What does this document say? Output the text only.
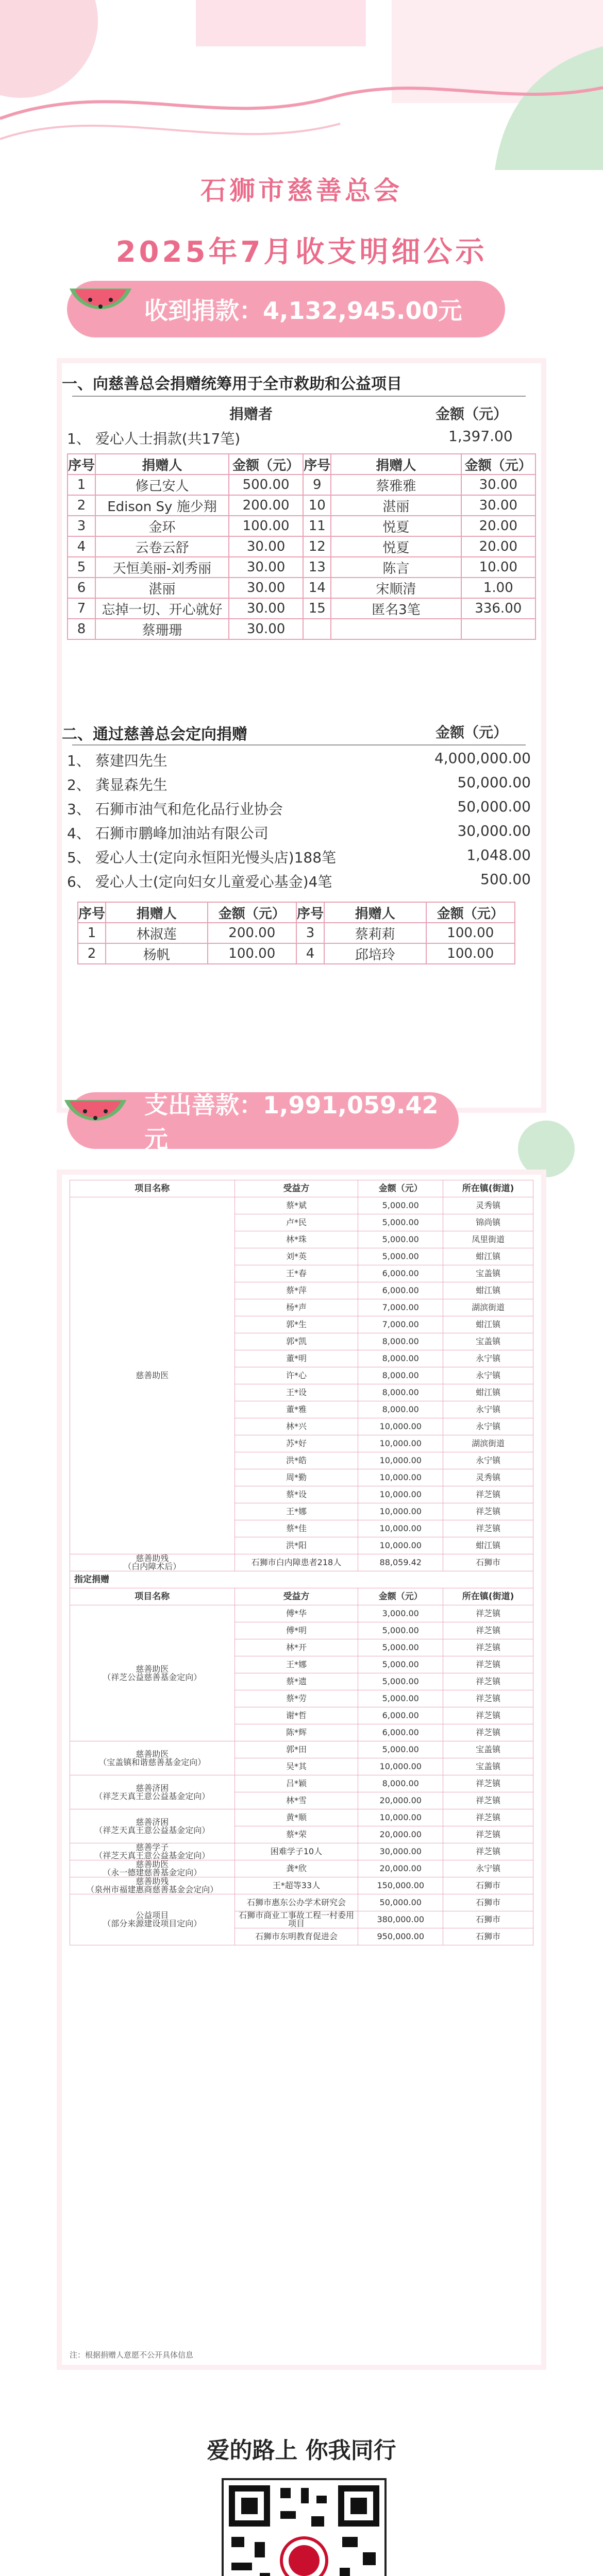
石狮市慈善总会
2025年7月收支明细公示
收到捐款：4,132,945.00元
一、向慈善总会捐赠统筹用于全市救助和公益项目
捐赠者	金额（元）
1、 爱心人士捐款(共17笔)	1,397.00
序号	捐赠人	金额（元）	序号	捐赠人	金额（元）
1	修己安人	500.00	9	蔡雅雅	30.00
2	Edison Sy 施少翔	200.00	10	湛丽	30.00
3	金环	100.00	11	悦夏	20.00
4	云卷云舒	30.00	12	悦夏	20.00
5	天恒美丽-刘秀丽	30.00	13	陈言	10.00
6	湛丽	30.00	14	宋顺清	1.00
7	忘掉一切、开心就好	30.00	15	匿名3笔	336.00
8	蔡珊珊	30.00			
二、通过慈善总会定向捐赠	金额（元）
1、 蔡建四先生	4,000,000.00
2、 龚显森先生	50,000.00
3、 石狮市油气和危化品行业协会	50,000.00
4、 石狮市鹏峰加油站有限公司	30,000.00
5、 爱心人士(定向永恒阳光慢头店)188笔	1,048.00
6、 爱心人士(定向妇女儿童爱心基金)4笔	500.00
序号	捐赠人	金额（元）	序号	捐赠人	金额（元）
1	林淑莲	200.00	3	蔡莉莉	100.00
2	杨帆	100.00	4	邱培玲	100.00
支出善款：1,991,059.42元
项目名称	受益方	金额（元）	所在镇(街道)
慈善助医	蔡*斌	5,000.00	灵秀镇
	卢*民	5,000.00	锦尚镇
	林*珠	5,000.00	凤里街道
	刘*英	5,000.00	蚶江镇
	王*春	6,000.00	宝盖镇
	蔡*萍	6,000.00	蚶江镇
	杨*声	7,000.00	湖滨街道
	郭*生	7,000.00	蚶江镇
	郭*凯	8,000.00	宝盖镇
	董*明	8,000.00	永宁镇
	许*心	8,000.00	永宁镇
	王*设	8,000.00	蚶江镇
	董*雅	8,000.00	永宁镇
	林*兴	10,000.00	永宁镇
	苏*好	10,000.00	湖滨街道
	洪*皓	10,000.00	永宁镇
	周*勤	10,000.00	灵秀镇
	蔡*设	10,000.00	祥芝镇
	王*娜	10,000.00	祥芝镇
	蔡*佳	10,000.00	祥芝镇
	洪*阳	10,000.00	蚶江镇
慈善助残
（白内障术后）	石狮市白内障患者218人	88,059.42	石狮市
指定捐赠			
项目名称	受益方	金额（元）	所在镇(街道)
慈善助医
（祥芝公益慈善基金定向）	傅*华	3,000.00	祥芝镇
	傅*明	5,000.00	祥芝镇
	林*开	5,000.00	祥芝镇
	王*娜	5,000.00	祥芝镇
	蔡*遗	5,000.00	祥芝镇
	蔡*劳	5,000.00	祥芝镇
	谢*哲	6,000.00	祥芝镇
	陈*辉	6,000.00	祥芝镇
慈善助医
（宝盖镇和谐慈善基金定向）	郭*田	5,000.00	宝盖镇
	吴*其	10,000.00	宝盖镇
慈善济困
（祥芝天真王意公益基金定向）	吕*颖	8,000.00	祥芝镇
	林*雪	20,000.00	祥芝镇
慈善济困
（祥芝天真王意公益基金定向）	黄*顺	10,000.00	祥芝镇
	蔡*荣	20,000.00	祥芝镇
慈善学子
（祥芝天真王意公益基金定向）	困难学子10人	30,000.00	祥芝镇
慈善助医
（永一德建慈善基金定向）	龚*欣	20,000.00	永宁镇
慈善助残
（泉州市福建惠商慈善基金会定向）	王*超等33人	150,000.00	石狮市
公益项目
（部分来源建设项目定向）	石狮市惠东公办学术研究会	50,000.00	石狮市
	石狮市商业工事故工程一村委用项目	380,000.00	石狮市
	石狮市东明教育促进会	950,000.00	石狮市
注：根据捐赠人意愿不公开具体信息
爱的路上 你我同行
